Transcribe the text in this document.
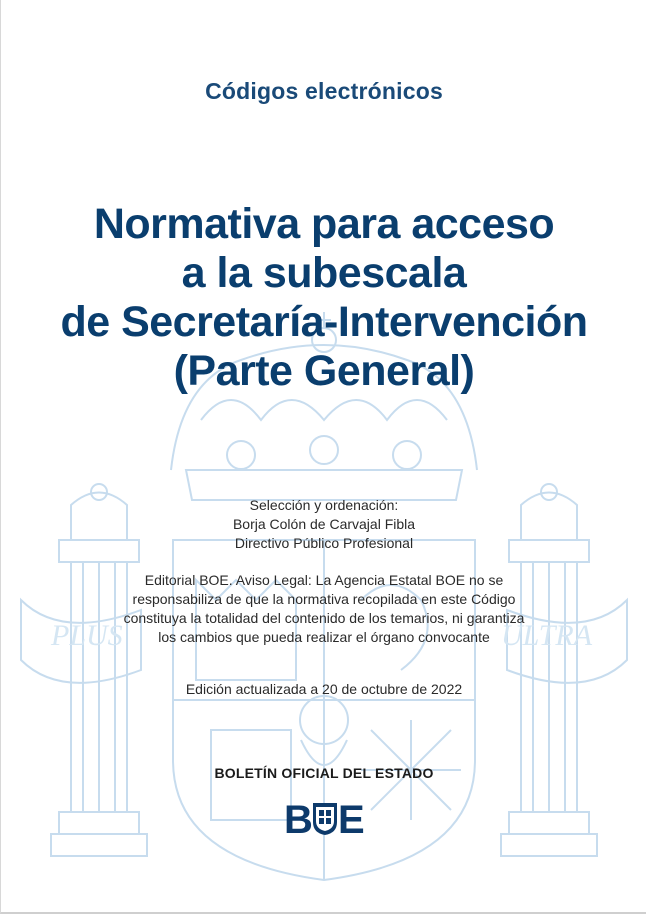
PLUS	ULTRA
Códigos electrónicos
Normativa para acceso
a la subescala
de Secretaría-Intervención
(Parte General)
Selección y ordenación:
Borja Colón de Carvajal Fibla
Directivo Público Profesional
Editorial BOE. Aviso Legal: La Agencia Estatal BOE no se
responsabiliza de que la normativa recopilada en este Código
constituya la totalidad del contenido de los temarios, ni garantiza
los cambios que pueda realizar el órgano convocante
Edición actualizada a 20 de octubre de 2022
BOLETÍN OFICIAL DEL ESTADO
B E
